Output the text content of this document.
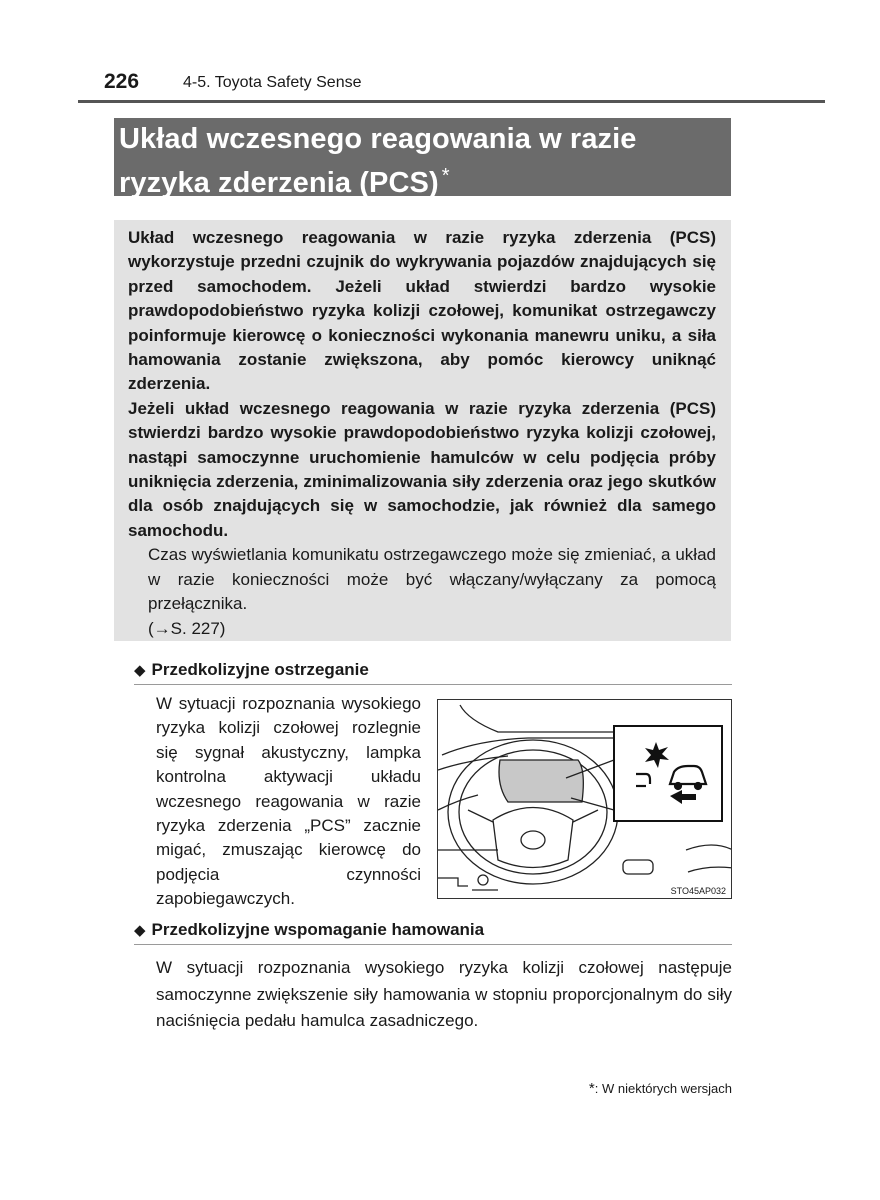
226	4-5. Toyota Safety Sense
Układ wczesnego reagowania w razie
ryzyka zderzenia (PCS) *

Układ wczesnego reagowania w razie ryzyka zderzenia (PCS) wykorzystuje przedni czujnik do wykrywania pojazdów znajdujących się przed samochodem. Jeżeli układ stwierdzi bardzo wysokie prawdopodobieństwo ryzyka kolizji czołowej, komunikat ostrzegawczy poinformuje kierowcę o konieczności wykonania manewru uniku, a siła hamowania zostanie zwiększona, aby pomóc kierowcy uniknąć zderzenia.

Jeżeli układ wczesnego reagowania w razie ryzyka zderzenia (PCS) stwierdzi bardzo wysokie prawdopodobieństwo ryzyka kolizji czołowej, nastąpi samoczynne uruchomienie hamulców w celu podjęcia próby uniknięcia zderzenia, zminimalizowania siły zderzenia oraz jego skutków dla osób znajdujących się w samochodzie, jak również dla samego samochodu.

Czas wyświetlania komunikatu ostrzegawczego może się zmieniać, a układ w razie konieczności może być włączany/wyłączany za pomocą przełącznika.

(→S. 227)

◆ Przedkolizyjne ostrzeganie
W sytuacji rozpoznania wysokiego ryzyka kolizji czołowej rozlegnie się sygnał akustyczny, lampka kontrolna aktywacji układu wczesnego reagowania w razie ryzyka zderzenia „PCS” zacznie migać, zmuszając kierowcę do podjęcia czynności zapobiegawczych.	STO45AP032
◆ Przedkolizyjne wspomaganie hamowania
W sytuacji rozpoznania wysokiego ryzyka kolizji czołowej następuje samoczynne zwiększenie siły hamowania w stopniu proporcjonalnym do siły naciśnięcia pedału hamulca zasadniczego.
*: W niektórych wersjach
